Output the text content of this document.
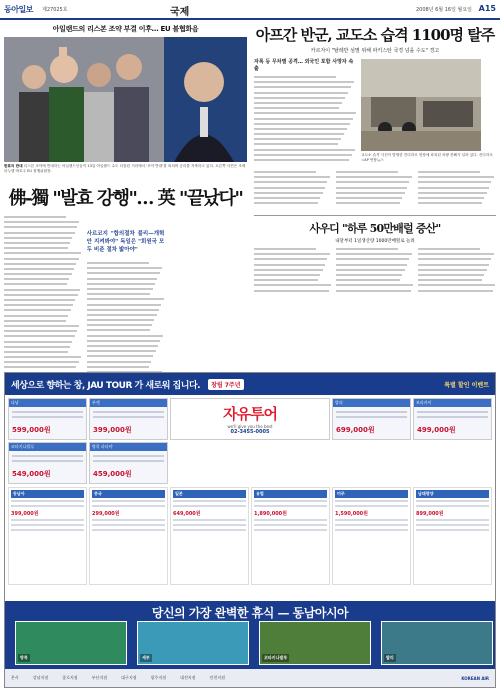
동아일보 제27025호	국제	2008년 6월 16일 월요일 A15
아일랜드의 리스본 조약 부결 이후… EU 불협화음
한표의 반대 리스본 조약에 반대하는 아일랜드인들이 13일 아일랜드 수도 더블린 거리에서 '조약 반대'를 외치며 승리를 자축하고 있다. 오른쪽 사진은 조제 마누엘 바호주 EU 집행위원장.
佛-獨 "발효 강행"… 英 "끝났다"
사르코지 "합의절차 불리—개혁안 지켜봐야" 독일은 "회원국 모두 비준 절차 밟아야"
아프간 반군, 교도소 습격 1100명 탈주
카르자이 "탈레반 섬멸 위해 파키스탄 국경 넘을 수도" 경고
자폭 등 무차별 공격… 외국인 포함 사망자 속출
교도소 습격 사건이 발생한 칸다하르 현장에 파괴된 차량 잔해가 널려 있다. 칸다하르=AP 연합뉴스
사우디 "하루 50만배럴 증산"
내달부터 1일생산량 1000만배럴로 늘려
세상으로 향하는 창, JAU TOUR 가 새로워 집니다.	창립 7주년	특별 할인 이벤트
다낭
599,000원
푸켓
399,000원
자유투어
we'll give you the best
02-3455-0005
발리
699,000원
보라카이
499,000원
코타키나발루
549,000원
방콕 파타야
459,000원
동남아
399,000원
중국
299,000원
일본
649,000원
유럽
1,890,000원
미주
1,590,000원
남태평양
899,000원
당신의 가장 완벽한 휴식 — 동남아시아
방콕	세부	코타키나발루	발리
본사	강남지점	종로지점	부산지점	대구지점	광주지점	대전지점	인천지점	KOREAN AIR
